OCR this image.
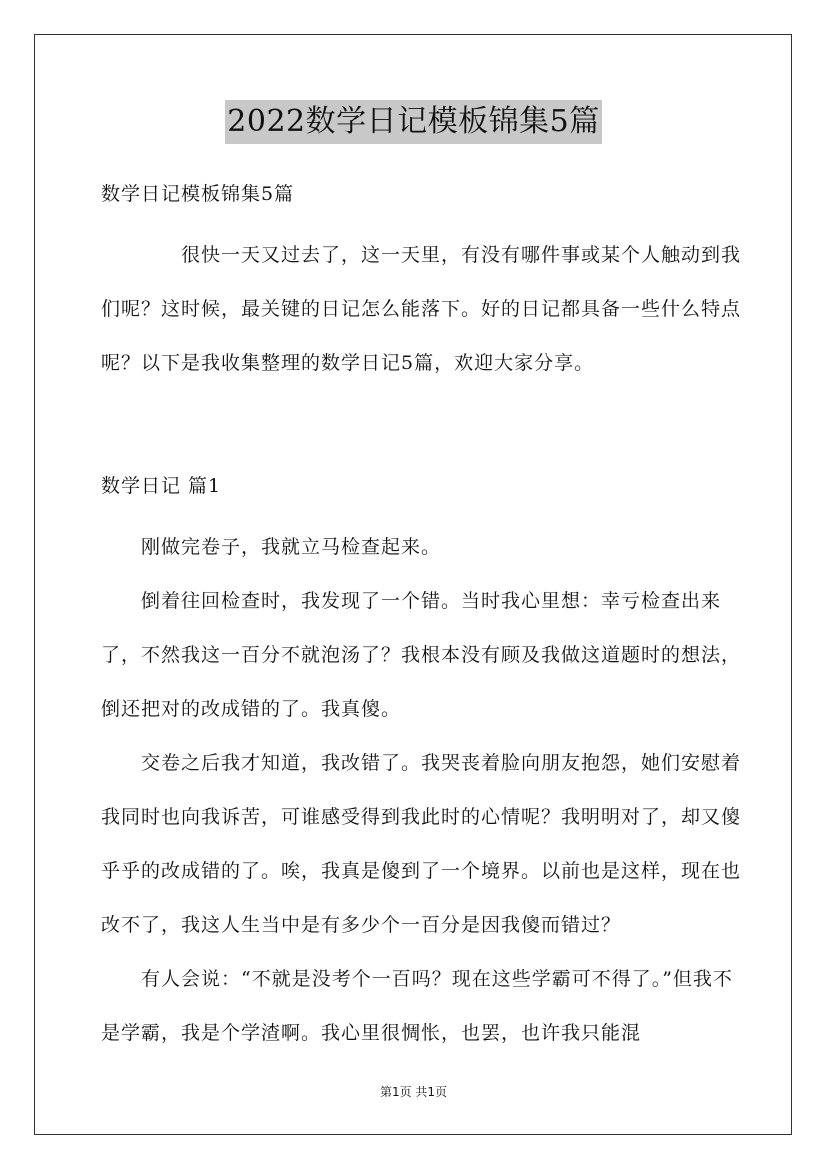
2022数学日记模板锦集5篇

数学日记模板锦集5篇

很快一天又过去了，这一天里，有没有哪件事或某个人触动到我们呢？这时候，最关键的日记怎么能落下。好的日记都具备一些什么特点呢？以下是我收集整理的数学日记5篇，欢迎大家分享。

数学日记 篇1

刚做完卷子，我就立马检查起来。

倒着往回检查时，我发现了一个错。当时我心里想：幸亏检查出来了，不然我这一百分不就泡汤了？我根本没有顾及我做这道题时的想法，倒还把对的改成错的了。我真傻。

交卷之后我才知道，我改错了。我哭丧着脸向朋友抱怨，她们安慰着我同时也向我诉苦，可谁感受得到我此时的心情呢？我明明对了，却又傻乎乎的改成错的了。唉，我真是傻到了一个境界。以前也是这样，现在也改不了，我这人生当中是有多少个一百分是因我傻而错过？

有人会说：“不就是没考个一百吗？现在这些学霸可不得了。”但我不是学霸，我是个学渣啊。我心里很惆怅，也罢，也许我只能混

第1页 共1页
